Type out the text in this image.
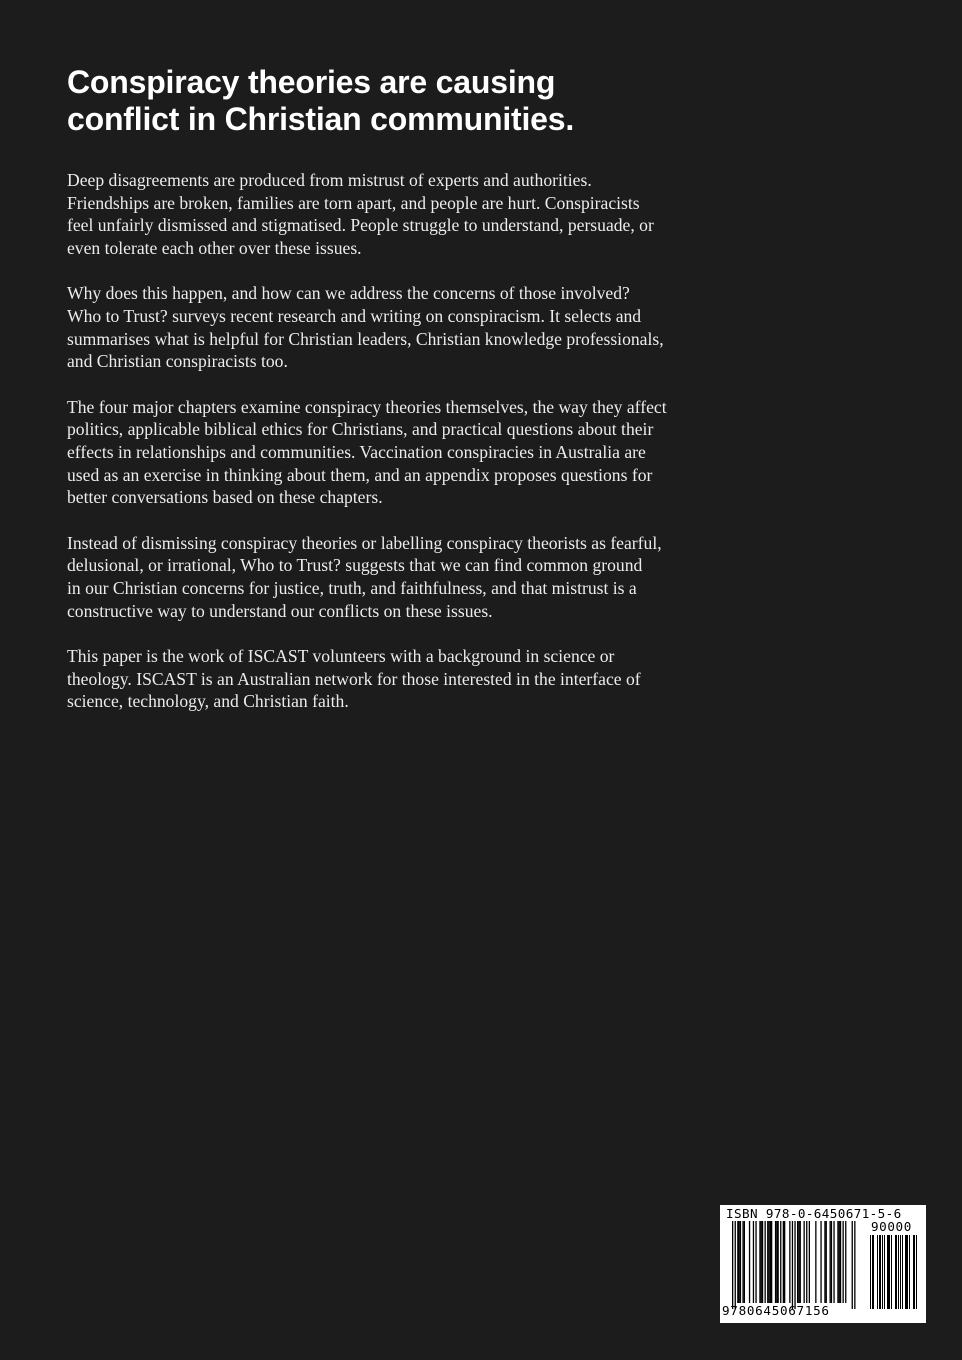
Conspiracy theories are causing
conflict in Christian communities.

Deep disagreements are produced from mistrust of experts and authorities.
Friendships are broken, families are torn apart, and people are hurt. Conspiracists
feel unfairly dismissed and stigmatised. People struggle to understand, persuade, or
even tolerate each other over these issues.

Why does this happen, and how can we address the concerns of those involved?
Who to Trust? surveys recent research and writing on conspiracism. It selects and
summarises what is helpful for Christian leaders, Christian knowledge professionals,
and Christian conspiracists too.

The four major chapters examine conspiracy theories themselves, the way they affect
politics, applicable biblical ethics for Christians, and practical questions about their
effects in relationships and communities. Vaccination conspiracies in Australia are
used as an exercise in thinking about them, and an appendix proposes questions for
better conversations based on these chapters.

Instead of dismissing conspiracy theories or labelling conspiracy theorists as fearful,
delusional, or irrational, Who to Trust? suggests that we can find common ground
in our Christian concerns for justice, truth, and faithfulness, and that mistrust is a
constructive way to understand our conflicts on these issues.

This paper is the work of ISCAST volunteers with a background in science or
theology. ISCAST is an Australian network for those interested in the interface of
science, technology, and Christian faith.

ISBN 978-0-6450671-5-6
90000
9780645067156
